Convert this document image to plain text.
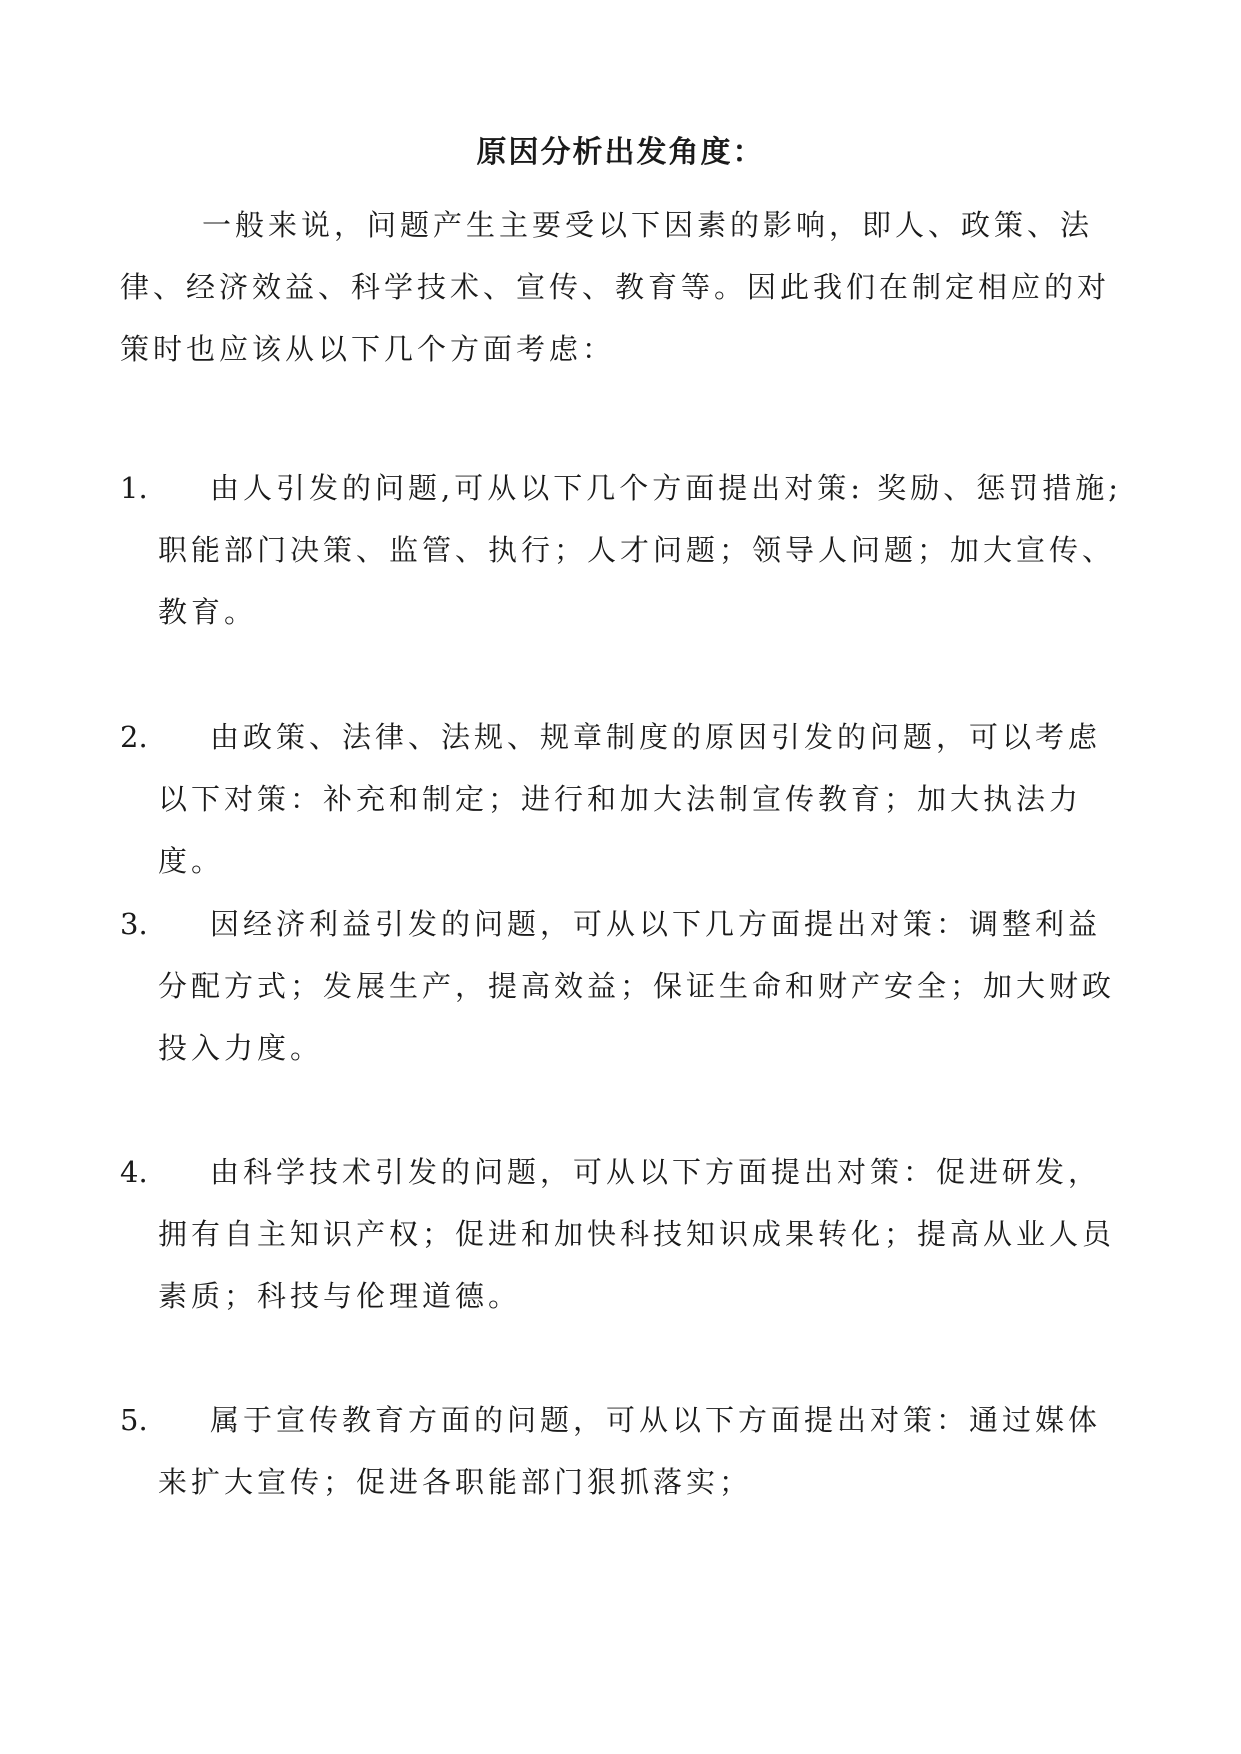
原因分析出发角度：

一般来说，问题产生主要受以下因素的影响，即人、政策、法律、经济效益、科学技术、宣传、教育等。因此我们在制定相应的对策时也应该从以下几个方面考虑：

1.	由人引发的问题,可从以下几个方面提出对策: 奖励、惩罚措施; 职能部门决策、监管、执行；人才问题；领导人问题；加大宣传、教育。
2.	由政策、法律、法规、规章制度的原因引发的问题，可以考虑以下对策：补充和制定；进行和加大法制宣传教育；加大执法力度。
3.	因经济利益引发的问题，可从以下几方面提出对策：调整利益分配方式；发展生产，提高效益；保证生命和财产安全；加大财政投入力度。
4.	由科学技术引发的问题，可从以下方面提出对策：促进研发，拥有自主知识产权；促进和加快科技知识成果转化；提高从业人员素质；科技与伦理道德。
5.	属于宣传教育方面的问题，可从以下方面提出对策：通过媒体来扩大宣传；促进各职能部门狠抓落实；
